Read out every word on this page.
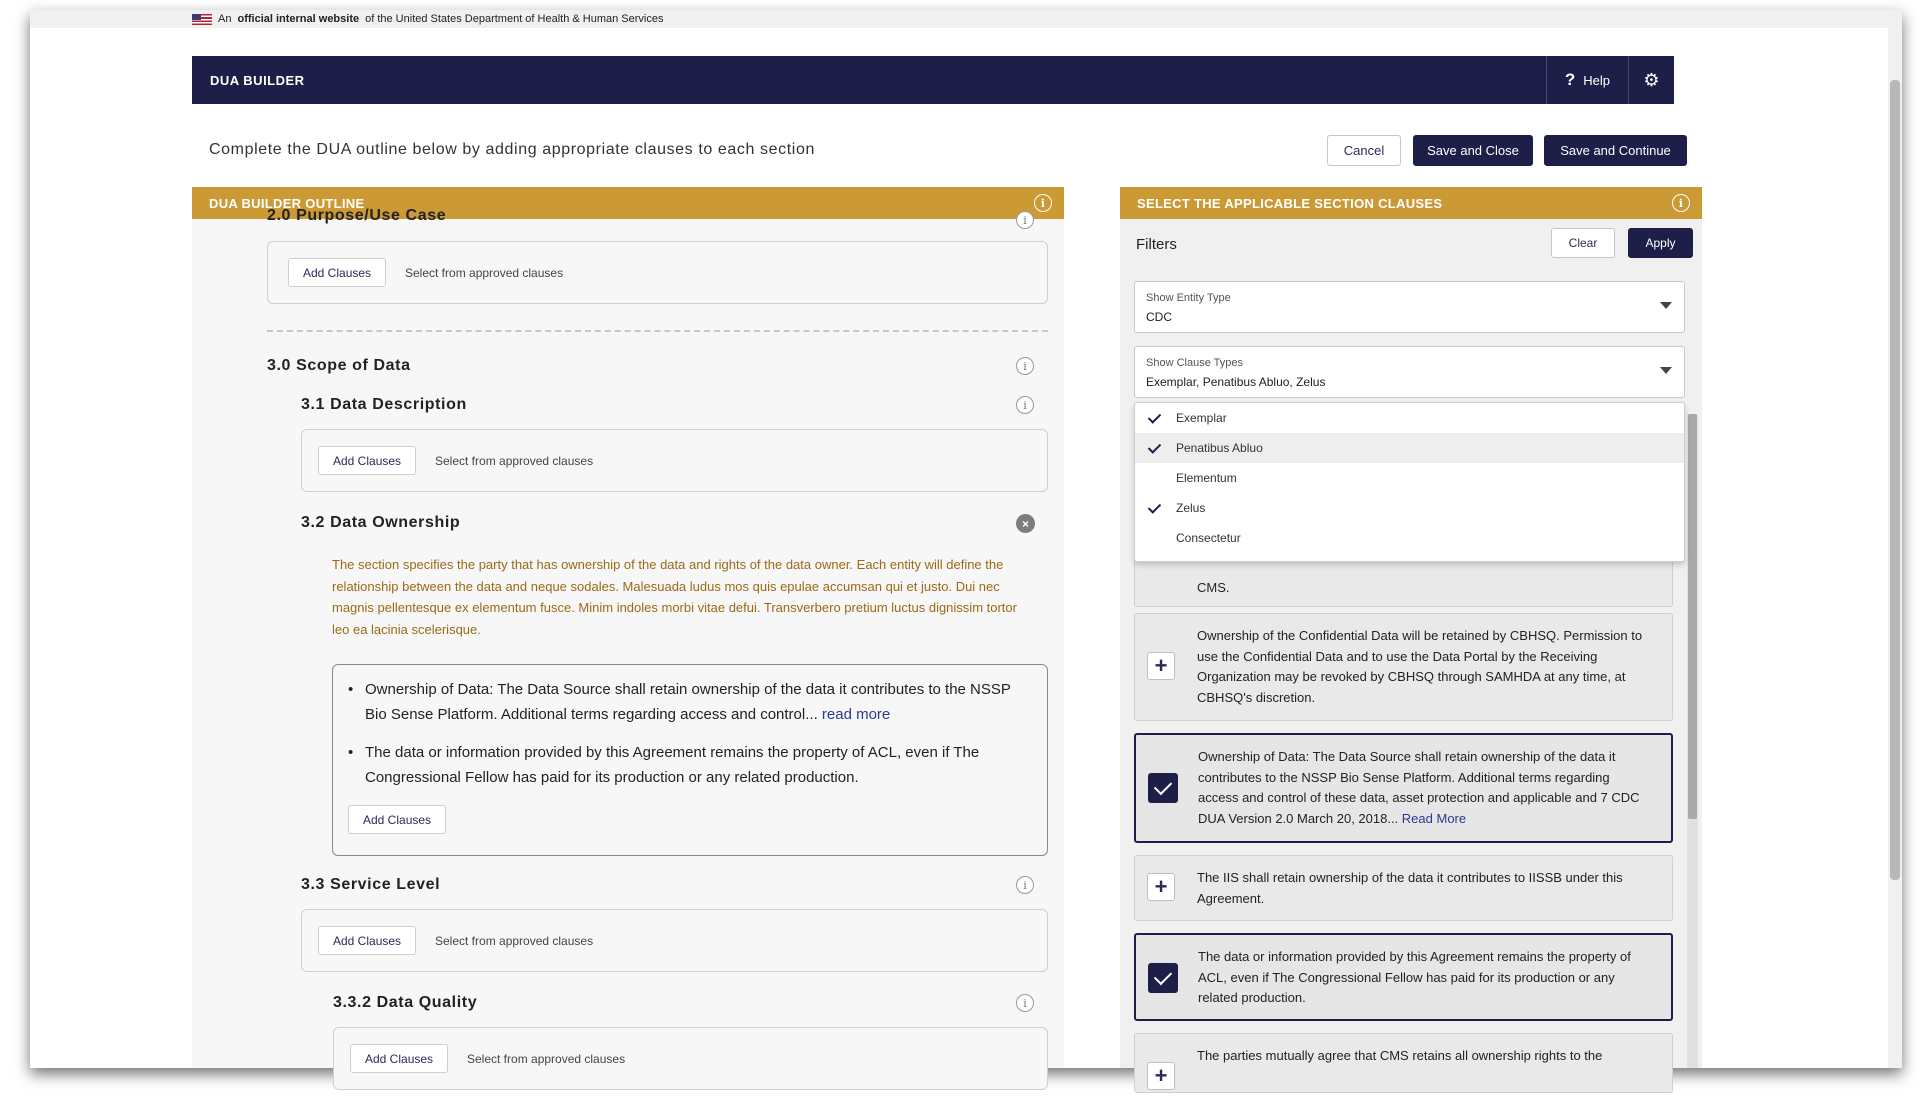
An official internal website of the United States Department of Health & Human Services
DUA BUILDER	? Help	⚙
Complete the DUA outline below by adding appropriate clauses to each section	Cancel	Save and Close	Save and Continue
DUA BUILDER OUTLINE	i
2.0 Purpose/Use Case	i
Add Clauses	Select from approved clauses
3.0 Scope of Data	i
3.1 Data Description	i
Add Clauses	Select from approved clauses
3.2 Data Ownership	×
The section specifies the party that has ownership of the data and rights of the data owner. Each entity will define the relationship between the data and neque sodales. Malesuada ludus mos quis epulae accumsan qui et justo. Dui nec magnis pellentesque ex elementum fusce. Minim indoles morbi vitae defui. Transverbero pretium luctus dignissim tortor leo ea lacinia scelerisque.
• Ownership of Data: The Data Source shall retain ownership of the data it contributes to the NSSP Bio Sense Platform. Additional terms regarding access and control... read more
• The data or information provided by this Agreement remains the property of ACL, even if The Congressional Fellow has paid for its production or any related production.
Add Clauses
3.3 Service Level	i
Add Clauses	Select from approved clauses
3.3.2 Data Quality	i
Add Clauses	Select from approved clauses
SELECT THE APPLICABLE SECTION CLAUSES	i
Filters	Clear	Apply
Show Entity Type
CDC
Show Clause Types
Exemplar, Penatibus Abluo, Zelus
CMS.
+
Ownership of the Confidential Data will be retained by CBHSQ. Permission to use the Confidential Data and to use the Data Portal by the Receiving Organization may be revoked by CBHSQ through SAMHDA at any time, at CBHSQ's discretion.
Ownership of Data: The Data Source shall retain ownership of the data it contributes to the NSSP Bio Sense Platform. Additional terms regarding access and control of these data, asset protection and applicable and 7 CDC DUA Version 2.0 March 20, 2018... Read More
+	The IIS shall retain ownership of the data it contributes to IISSB under this Agreement.
The data or information provided by this Agreement remains the property of ACL, even if The Congressional Fellow has paid for its production or any related production.
+
The parties mutually agree that CMS retains all ownership rights to the
Exemplar
Penatibus Abluo
Elementum
Zelus
Consectetur
